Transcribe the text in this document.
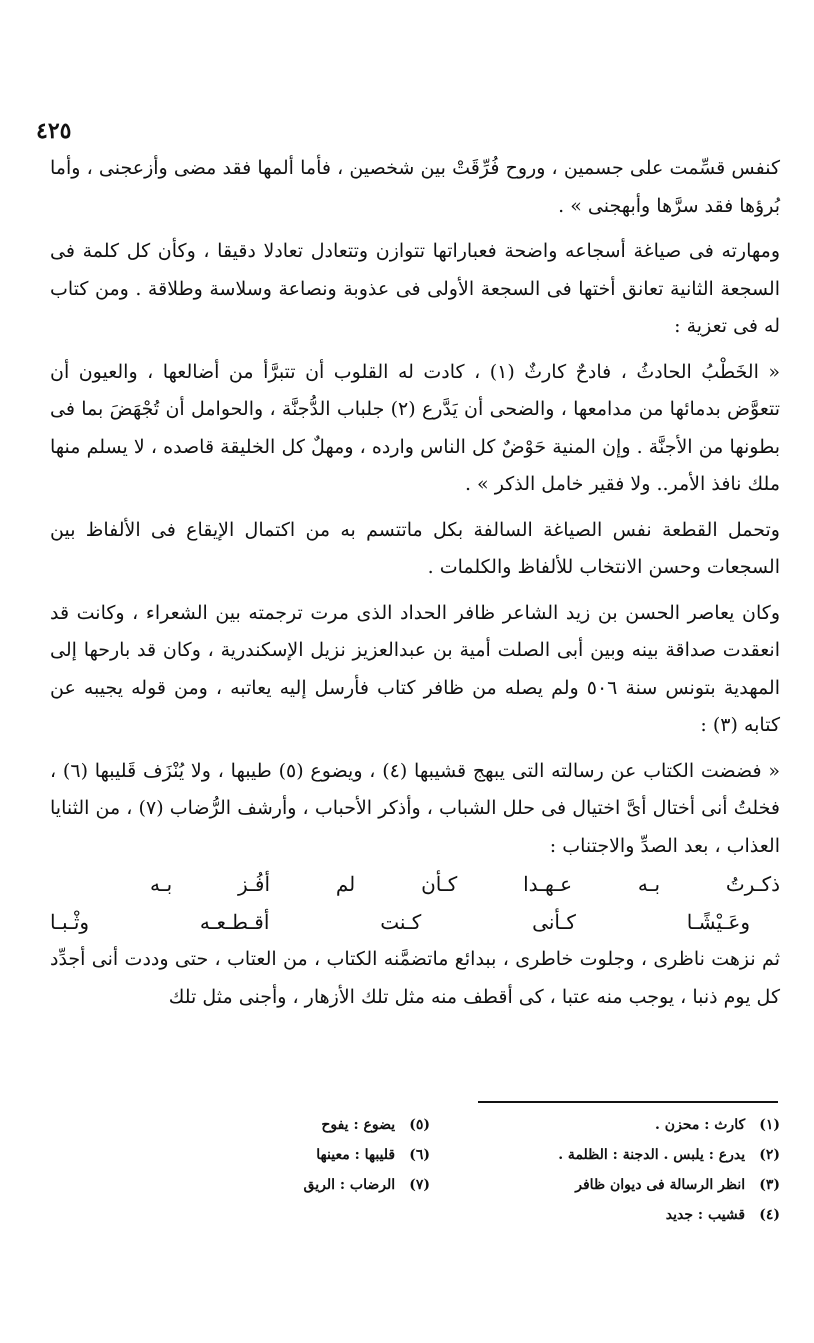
٤٢٥

كنفس قسِّمت على جسمين ، وروح فُرِّقَتْ بين شخصين ، فأما ألمها فقد مضى وأزعجنى ، وأما بُرؤها فقد سرَّها وأبهجنى » .

ومهارته فى صياغة أسجاعه واضحة فعباراتها تتوازن وتتعادل تعادلا دقيقا ، وكأن كل كلمة فى السجعة الثانية تعانق أختها فى السجعة الأولى فى عذوبة ونصاعة وسلاسة وطلاقة . ومن كتاب له فى تعزية :

« الخَطْبُ الحادثُ ، فادحٌ كارثٌ (١) ، كادت له القلوب أن تتبرَّأ من أضالعها ، والعيون أن تتعوَّض بدمائها من مدامعها ، والضحى أن يَدَّرع (٢) جلباب الدُّجنَّة ، والحوامل أن تُجْهَضَ بما فى بطونها من الأجنَّة . وإن المنية حَوْضٌ كل الناس وارده ، ومهلٌ كل الخليقة قاصده ، لا يسلم منها ملك نافذ الأمر.. ولا فقير خامل الذكر » .

وتحمل القطعة نفس الصياغة السالفة بكل ماتتسم به من اكتمال الإيقاع فى الألفاظ بين السجعات وحسن الانتخاب للألفاظ والكلمات .

وكان يعاصر الحسن بن زيد الشاعر ظافر الحداد الذى مرت ترجمته بين الشعراء ، وكانت قد انعقدت صداقة بينه وبين أبى الصلت أمية بن عبدالعزيز نزيل الإسكندرية ، وكان قد بارحها إلى المهدية بتونس سنة ٥٠٦ ولم يصله من ظافر كتاب فأرسل إليه يعاتبه ، ومن قوله يجيبه عن كتابه (٣) :

« فضضت الكتاب عن رسالته التى يبهج قشيبها (٤) ، ويضوع (٥) طيبها ، ولا يُنْزَف قَليبها (٦) ، فخلتُ أنى أختال أىَّ اختيال فى حلل الشباب ، وأذكر الأحباب ، وأرشف الرُّضاب (٧) ، من الثنايا العذاب ، بعد الصدِّ والاجتناب :

ذكـرتُ
بـه
عـهـدا
كـأن
لم
أفُـز
بـه
وعَـيْشًـا
كـأنى
كـنت
أقـطـعـه
وثْـبـا

ثم نزهت ناظرى ، وجلوت خاطرى ، ببدائع ماتضمَّنه الكتاب ، من العتاب ، حتى وددت أنى أجدِّد كل يوم ذنبا ، يوجب منه عتبا ، كى أقطف منه مثل تلك الأزهار ، وأجنى مثل تلك

(١) كارث : محزن .
(٢) يدرع : يلبس . الدجنة : الظلمة .
(٣) انظر الرسالة فى ديوان ظافر
(٤) قشيب : جديد
(٥) يضوع : يفوح
(٦) قليبها : معينها
(٧) الرضاب : الريق
